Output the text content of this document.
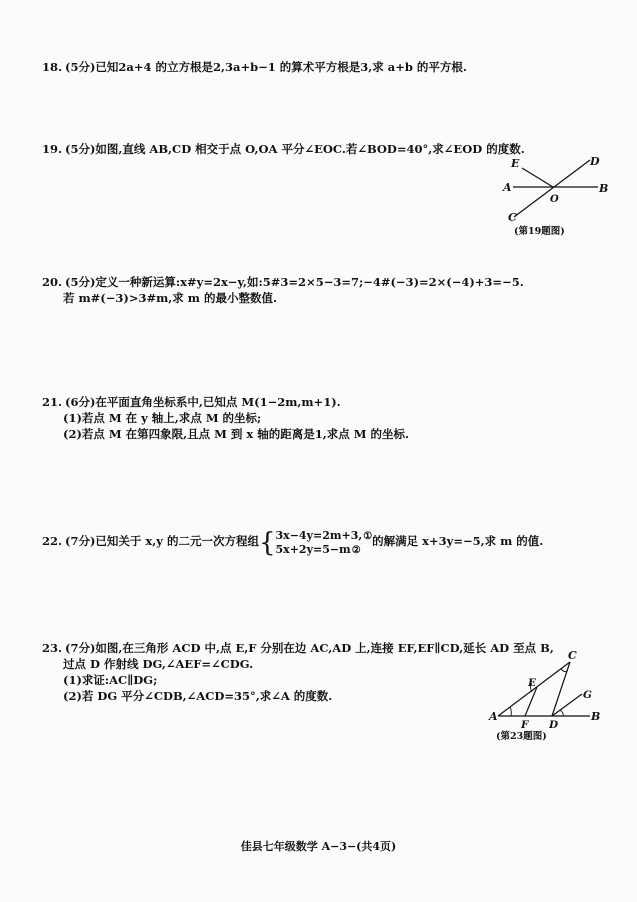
18. (5分)已知2a+4 的立方根是2,3a+b−1 的算术平方根是3,求 a+b 的平方根.
19. (5分)如图,直线 AB,CD 相交于点 O,OA 平分∠EOC.若∠BOD=40°,求∠EOD 的度数.
E	D
A
O
B
C
(第19题图)
20. (5分)定义一种新运算:x#y=2x−y,如:5#3=2×5−3=7;−4#(−3)=2×(−4)+3=−5.
若 m#(−3)>3#m,求 m 的最小整数值.
21. (6分)在平面直角坐标系中,已知点 M(1−2m,m+1).
(1)若点 M 在 y 轴上,求点 M 的坐标;
(2)若点 M 在第四象限,且点 M 到 x 轴的距离是1,求点 M 的坐标.
22. (7分)已知关于 x,y 的二元一次方程组{ 3x−4y=2m+3,①
5x+2y=5−m②
的解满足 x+3y=−5,求 m 的值.
23. (7分)如图,在三角形 ACD 中,点 E,F 分别在边 AC,AD 上,连接 EF,EF∥CD,延长 AD 至点 B,
过点 D 作射线 DG,∠AEF=∠CDG.
(1)求证:AC∥DG;
(2)若 DG 平分∠CDB,∠ACD=35°,求∠A 的度数.
C
E
G
A
F D
B
(第23题图)
佳县七年级数学 A−3−(共4页)
